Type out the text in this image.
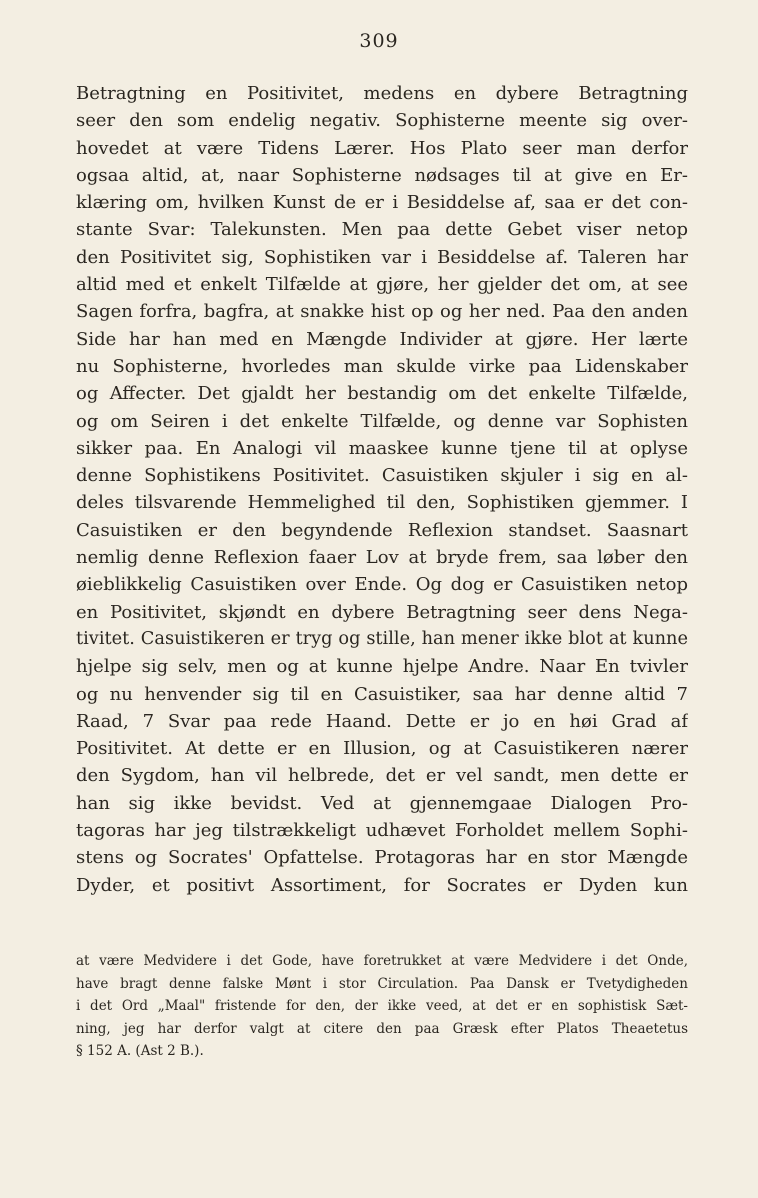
309
Betragtning en Positivitet, medens en dybere Betragtning
seer den som endelig negativ. Sophisterne meente sig over-
hovedet at være Tidens Lærer. Hos Plato seer man derfor
ogsaa altid, at, naar Sophisterne nødsages til at give en Er-
klæring om, hvilken Kunst de er i Besiddelse af, saa er det con-
stante Svar: Talekunsten. Men paa dette Gebet viser netop
den Positivitet sig, Sophistiken var i Besiddelse af. Taleren har
altid med et enkelt Tilfælde at gjøre, her gjelder det om, at see
Sagen forfra, bagfra, at snakke hist op og her ned. Paa den anden
Side har han med en Mængde Individer at gjøre. Her lærte
nu Sophisterne, hvorledes man skulde virke paa Lidenskaber
og Affecter. Det gjaldt her bestandig om det enkelte Tilfælde,
og om Seiren i det enkelte Tilfælde, og denne var Sophisten
sikker paa. En Analogi vil maaskee kunne tjene til at oplyse
denne Sophistikens Positivitet. Casuistiken skjuler i sig en al-
deles tilsvarende Hemmelighed til den, Sophistiken gjemmer. I
Casuistiken er den begyndende Reflexion standset. Saasnart
nemlig denne Reflexion faaer Lov at bryde frem, saa løber den
øieblikkelig Casuistiken over Ende. Og dog er Casuistiken netop
en Positivitet, skjøndt en dybere Betragtning seer dens Nega-
tivitet. Casuistikeren er tryg og stille, han mener ikke blot at kunne
hjelpe sig selv, men og at kunne hjelpe Andre. Naar En tvivler
og nu henvender sig til en Casuistiker, saa har denne altid 7
Raad, 7 Svar paa rede Haand. Dette er jo en høi Grad af
Positivitet. At dette er en Illusion, og at Casuistikeren nærer
den Sygdom, han vil helbrede, det er vel sandt, men dette er
han sig ikke bevidst. Ved at gjennemgaae Dialogen Pro-
tagoras har jeg tilstrækkeligt udhævet Forholdet mellem Sophi-
stens og Socrates' Opfattelse. Protagoras har en stor Mængde
Dyder, et positivt Assortiment, for Socrates er Dyden kun
at være Medvidere i det Gode, have foretrukket at være Medvidere i det Onde,
have bragt denne falske Mønt i stor Circulation. Paa Dansk er Tvetydigheden
i det Ord „Maal" fristende for den, der ikke veed, at det er en sophistisk Sæt-
ning, jeg har derfor valgt at citere den paa Græsk efter Platos Theaetetus
§ 152 A. (Ast 2 B.).
